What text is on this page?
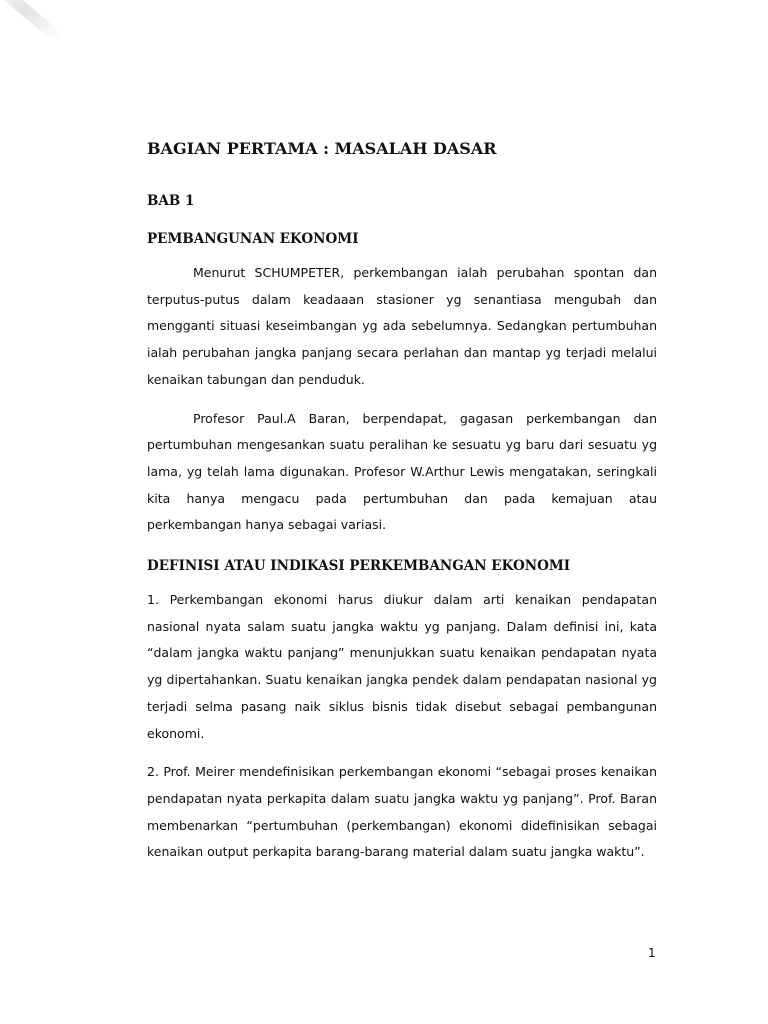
BAGIAN PERTAMA : MASALAH DASAR
BAB 1
PEMBANGUNAN EKONOMI

Menurut SCHUMPETER, perkembangan ialah perubahan spontan dan terputus-putus dalam keadaaan stasioner yg senantiasa mengubah dan mengganti situasi keseimbangan yg ada sebelumnya. Sedangkan pertumbuhan ialah perubahan jangka panjang secara perlahan dan mantap yg terjadi melalui kenaikan tabungan dan penduduk.

Profesor Paul.A Baran, berpendapat, gagasan perkembangan dan pertumbuhan mengesankan suatu peralihan ke sesuatu yg baru dari sesuatu yg lama, yg telah lama digunakan. Profesor W.Arthur Lewis mengatakan, seringkali kita hanya mengacu pada pertumbuhan dan pada kemajuan atau perkembangan hanya sebagai variasi.

DEFINISI ATAU INDIKASI PERKEMBANGAN EKONOMI

1. Perkembangan ekonomi harus diukur dalam arti kenaikan pendapatan nasional nyata salam suatu jangka waktu yg panjang. Dalam definisi ini, kata “dalam jangka waktu panjang” menunjukkan suatu kenaikan pendapatan nyata yg dipertahankan. Suatu kenaikan jangka pendek dalam pendapatan nasional yg terjadi selma pasang naik siklus bisnis tidak disebut sebagai pembangunan ekonomi.

2. Prof. Meirer mendefinisikan perkembangan ekonomi “sebagai proses kenaikan pendapatan nyata perkapita dalam suatu jangka waktu yg panjang”. Prof. Baran membenarkan “pertumbuhan (perkembangan) ekonomi didefinisikan sebagai kenaikan output perkapita barang-barang material dalam suatu jangka waktu”.

1
